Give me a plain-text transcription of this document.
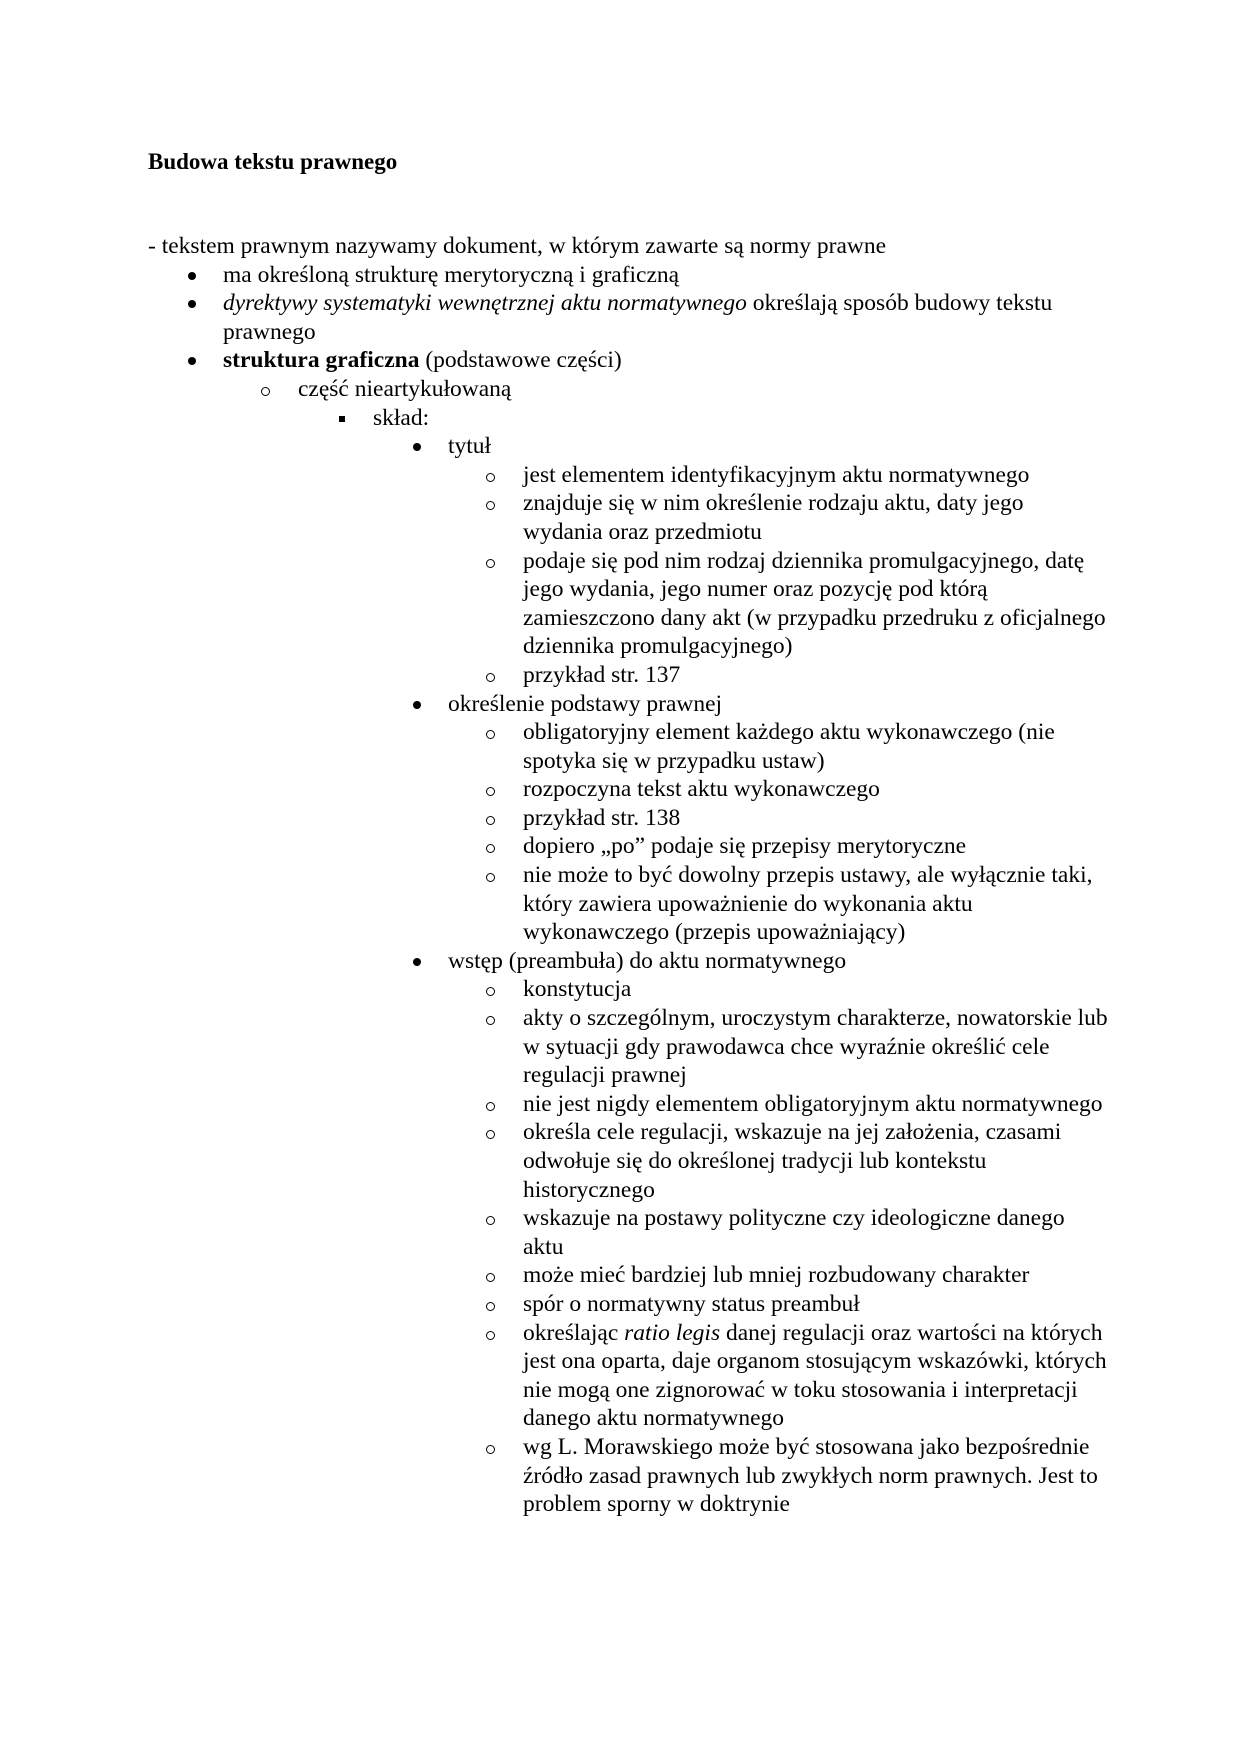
Budowa tekstu prawnego

- tekstem prawnym nazywamy dokument, w którym zawarte są normy prawne

ma określoną strukturę merytoryczną i graficzną
dyrektywy systematyki wewnętrznej aktu normatywnego określają sposób budowy tekstu prawnego
struktura graficzna (podstawowe części)
część nieartykułowaną
skład:
tytuł
jest elementem identyfikacyjnym aktu normatywnego
znajduje się w nim określenie rodzaju aktu, daty jego wydania oraz przedmiotu
podaje się pod nim rodzaj dziennika promulgacyjnego, datę jego wydania, jego numer oraz pozycję pod którą zamieszczono dany akt (w przypadku przedruku z oficjalnego dziennika promulgacyjnego)
przykład str. 137
określenie podstawy prawnej
obligatoryjny element każdego aktu wykonawczego (nie spotyka się w przypadku ustaw)
rozpoczyna tekst aktu wykonawczego
przykład str. 138
dopiero „po” podaje się przepisy merytoryczne
nie może to być dowolny przepis ustawy, ale wyłącznie taki, który zawiera upoważnienie do wykonania aktu wykonawczego (przepis upoważniający)
wstęp (preambuła) do aktu normatywnego
konstytucja
akty o szczególnym, uroczystym charakterze, nowatorskie lub w sytuacji gdy prawodawca chce wyraźnie określić cele regulacji prawnej
nie jest nigdy elementem obligatoryjnym aktu normatywnego
określa cele regulacji, wskazuje na jej założenia, czasami odwołuje się do określonej tradycji lub kontekstu historycznego
wskazuje na postawy polityczne czy ideologiczne danego aktu
może mieć bardziej lub mniej rozbudowany charakter
spór o normatywny status preambuł
określając ratio legis danej regulacji oraz wartości na których jest ona oparta, daje organom stosującym wskazówki, których nie mogą one zignorować w toku stosowania i interpretacji danego aktu normatywnego
wg L. Morawskiego może być stosowana jako bezpośrednie źródło zasad prawnych lub zwykłych norm prawnych. Jest to problem sporny w doktrynie
